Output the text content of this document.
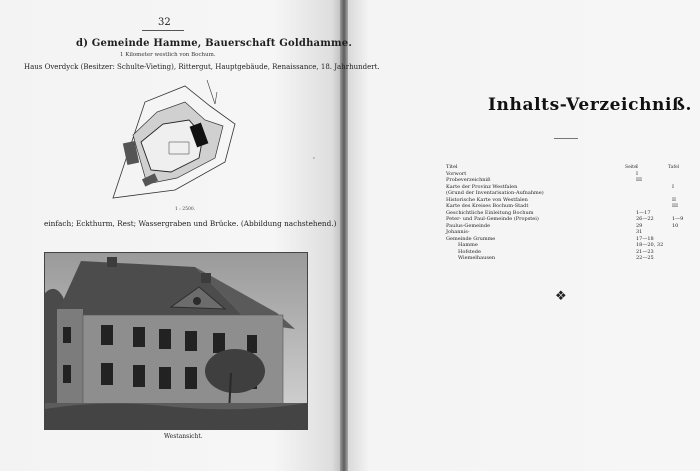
32
d) Gemeinde Hamme, Bauerschaft Goldhamme.
1 Kilometer westlich von Bochum.
Haus Overdyck (Besitzer: Schulte-Vieting), Rittergut, Hauptgebäude, Renaissance, 18. Jahrhundert.
1 : 2500.
c
einfach; Eckthurm, Rest; Wassergraben und Brücke. (Abbildung nachstehend.)
Westansicht.
Inhalts-Verzeichniß.
Seite	Tafel
Titel	I
Vorwort	I
Probeverzeichniß	III
Karte der Provinz Westfalen	I
(Grund der Inventarisation-Aufnahme)
Historische Karte von Westfalen	II
Karte des Kreises Bochum-Stadt	III
Geschichtliche Einleitung Bochum	1—17
Peter- und Paul-Gemeinde (Propstei)	26—22	1—9
Paulus-Gemeinde	29	10
Johannis-	31
Gemeinde Grumme	17—18
Hamme	18—20, 32
Hofstede	21—23
Wiemelhausen	22—25
❖
